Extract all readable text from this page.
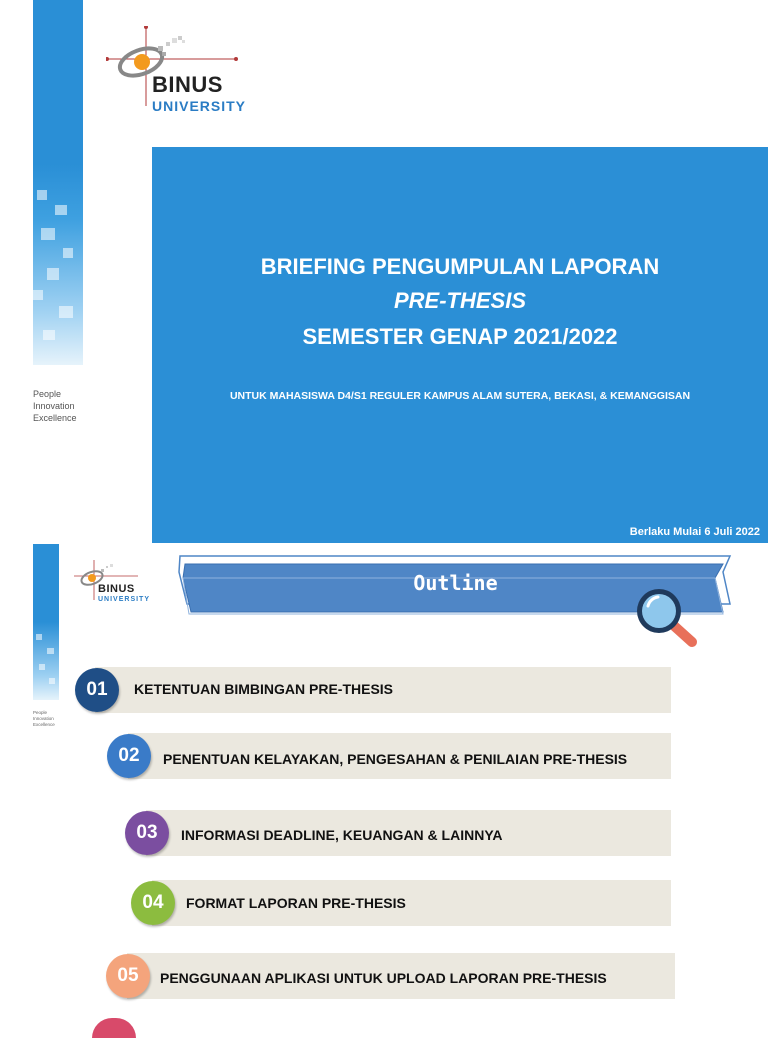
People
Innovation
Excellence
BINUS
UNIVERSITY
BRIEFING PENGUMPULAN LAPORAN
PRE-THESIS
SEMESTER GENAP 2021/2022
UNTUK MAHASISWA D4/S1 REGULER KAMPUS ALAM SUTERA, BEKASI, & KEMANGGISAN
Berlaku Mulai 6 Juli 2022
People
Innovation
Excellence
BINUS
UNIVERSITY
Outline
01	KETENTUAN BIMBINGAN PRE-THESIS
02	PENENTUAN KELAYAKAN, PENGESAHAN & PENILAIAN PRE-THESIS
03	INFORMASI DEADLINE, KEUANGAN & LAINNYA
04	FORMAT LAPORAN PRE-THESIS
05	PENGGUNAAN APLIKASI UNTUK UPLOAD LAPORAN PRE-THESIS
